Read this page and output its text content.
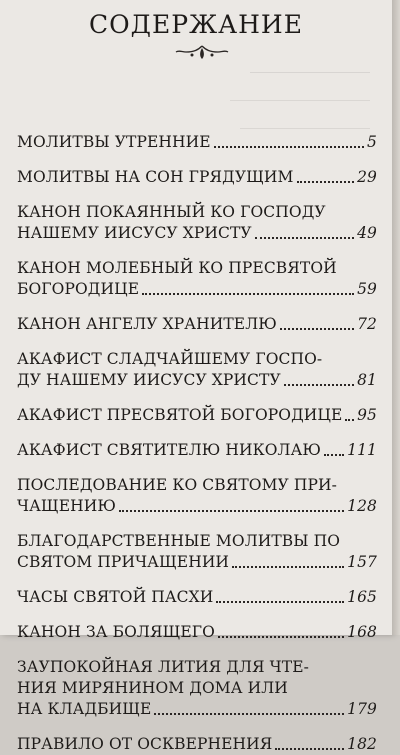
СОДЕРЖАНИЕ
МОЛИТВЫ УТРЕННИЕ	5
МОЛИТВЫ НА СОН ГРЯДУЩИМ	29
КАНОН ПОКАЯННЫЙ КО ГОСПОДУ
НАШЕМУ ИИСУСУ ХРИСТУ	49
КАНОН МОЛЕБНЫЙ КО ПРЕСВЯТОЙ
БОГОРОДИЦЕ	59
КАНОН АНГЕЛУ ХРАНИТЕЛЮ	72
АКАФИСТ СЛАДЧАЙШЕМУ ГОСПО-
ДУ НАШЕМУ ИИСУСУ ХРИСТУ	81
АКАФИСТ ПРЕСВЯТОЙ БОГОРОДИЦЕ 95
АКАФИСТ СВЯТИТЕЛЮ НИКОЛАЮ 111
ПОСЛЕДОВАНИЕ КО СВЯТОМУ ПРИ-
ЧАЩЕНИЮ	128
БЛАГОДАРСТВЕННЫЕ МОЛИТВЫ ПО
СВЯТОМ ПРИЧАЩЕНИИ	157
ЧАСЫ СВЯТОЙ ПАСХИ	165
КАНОН ЗА БОЛЯЩЕГО	168
ЗАУПОКОЙНАЯ ЛИТИЯ ДЛЯ ЧТЕ-
НИЯ МИРЯНИНОМ ДОМА ИЛИ
НА КЛАДБИЩЕ	179
ПРАВИЛО ОТ ОСКВЕРНЕНИЯ	182
